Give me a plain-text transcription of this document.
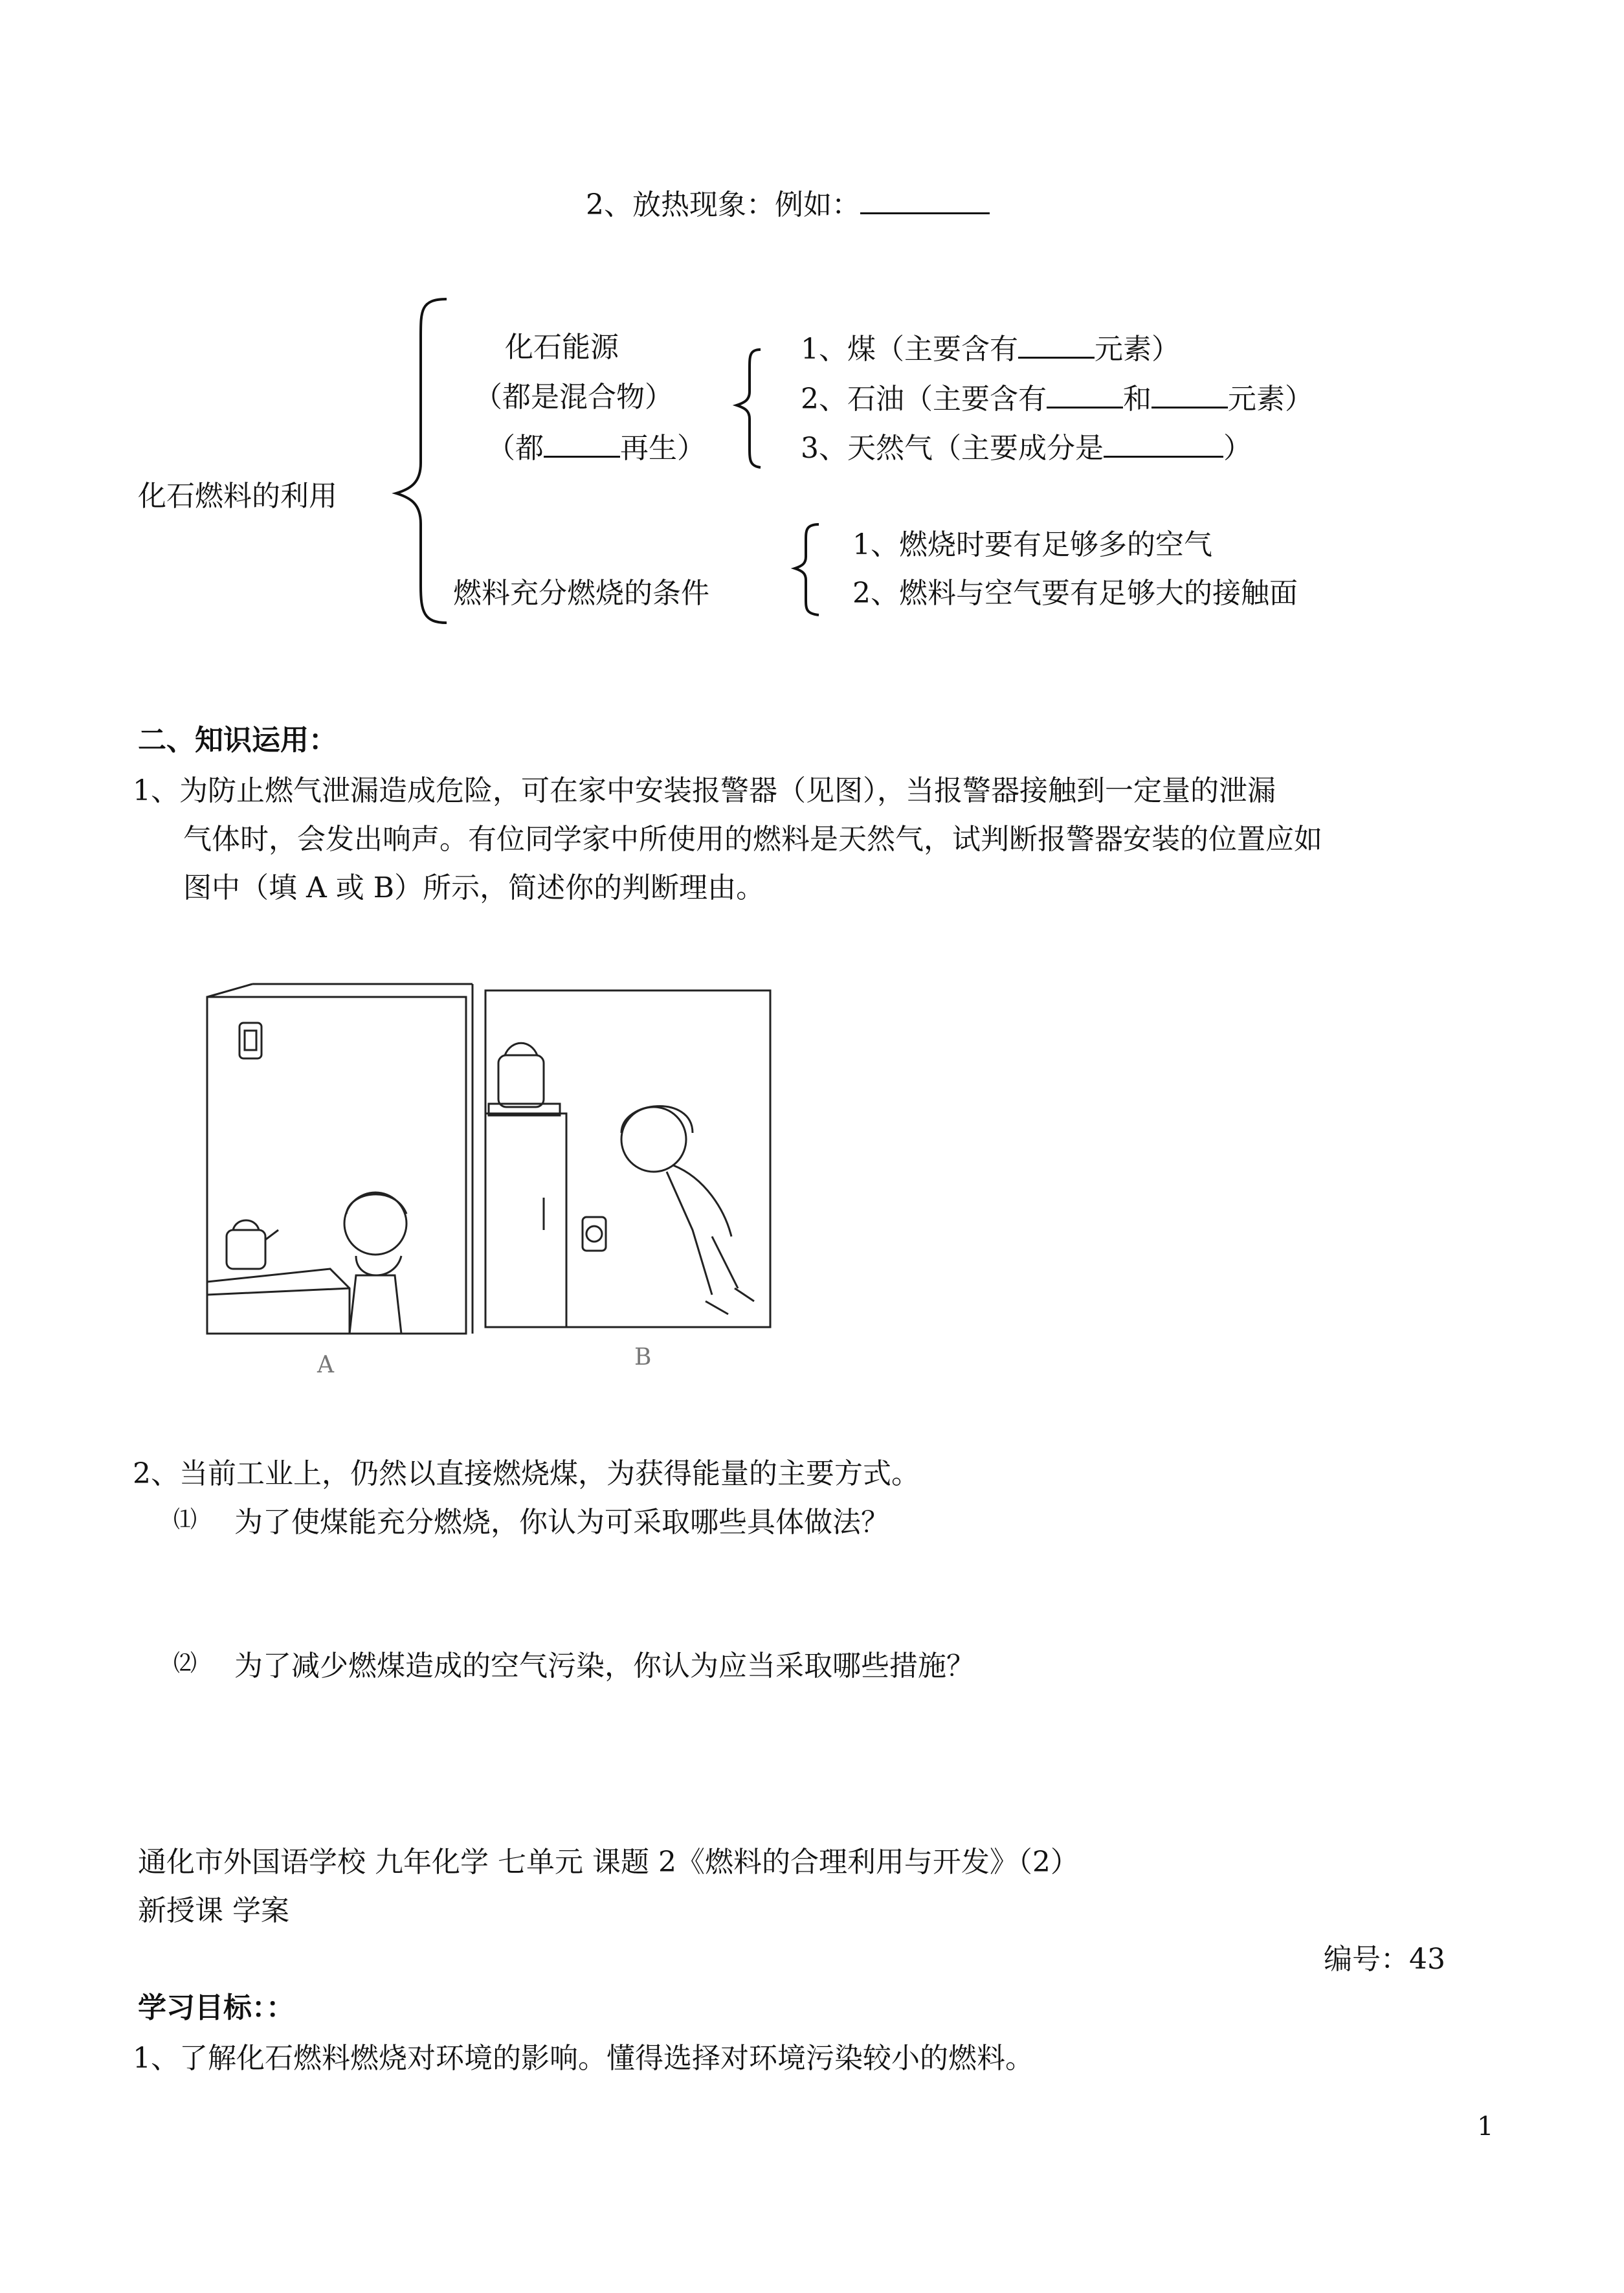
2、放热现象：例如：
化石燃料的利用
化石能源
（都是混合物）
（都	再生）
1、煤（主要含有	元素）
2、石油（主要含有	和	元素）
3、天然气（主要成分是	）
燃料充分燃烧的条件
1、燃烧时要有足够多的空气
2、燃料与空气要有足够大的接触面
二、知识运用：
1、为防止燃气泄漏造成危险，可在家中安装报警器（见图），当报警器接触到一定量的泄漏
气体时，会发出响声。有位同学家中所使用的燃料是天然气，试判断报警器安装的位置应如
图中（填 A 或 B）所示，简述你的判断理由。
A	B
2、当前工业上，仍然以直接燃烧煤，为获得能量的主要方式。
⑴ 为了使煤能充分燃烧，你认为可采取哪些具体做法？
⑵ 为了减少燃煤造成的空气污染，你认为应当采取哪些措施？
通化市外国语学校 九年化学 七单元 课题 2《燃料的合理利用与开发》（2）
新授课 学案
编号：43
学习目标：：
1、了解化石燃料燃烧对环境的影响。懂得选择对环境污染较小的燃料。
1
